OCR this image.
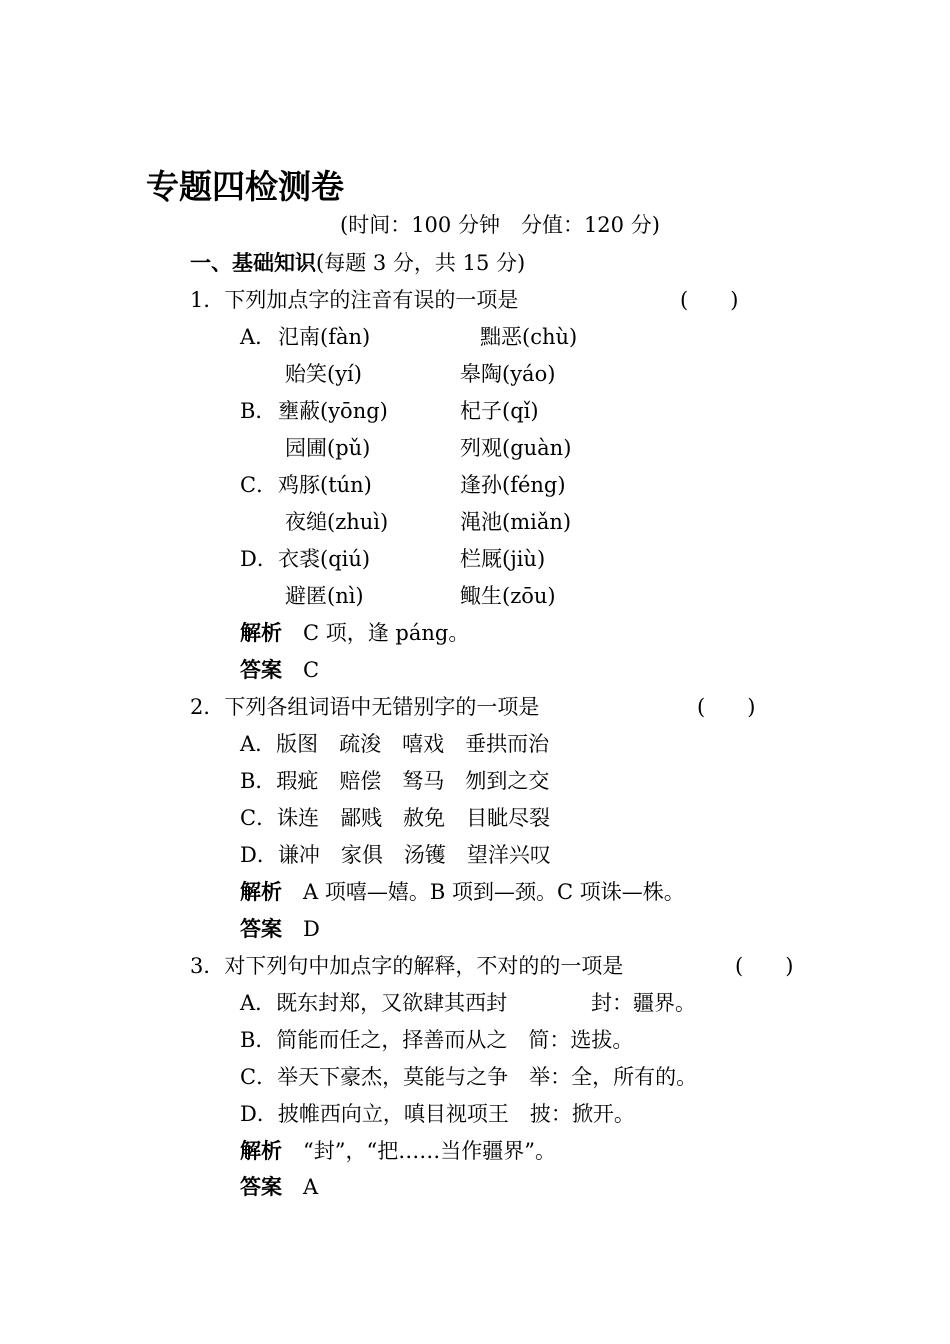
专题四检测卷

(时间：100 分钟　分值：120 分)

一、基础知识(每题 3 分，共 15 分)

1．下列加点字的注音有误的一项是	(　　)

A． 氾南(fàn)	黜恶(chù)

贻笑(yí)	皋陶(yáo)

B． 壅蔽(yōng)	杞子(qǐ)

园圃(pǔ)	列观(guàn)

C． 鸡豚(tún)	逢孙(féng)

夜缒(zhuì)	渑池(miǎn)

D． 衣裘(qiú)	栏厩(jiù)

避匿(nì)	鲰生(zōu)

解析　 C 项，逢 páng。

答案　 C

2．下列各组词语中无错别字的一项是	(　　)

A．版图　疏浚　嘻戏　垂拱而治

B．瑕疵　赔偿　驽马　刎到之交

C．诛连　鄙贱　赦免　目眦尽裂

D．谦冲　家俱　汤镬　望洋兴叹

解析　 A 项嘻—嬉。B 项到—颈。C 项诛—株。

答案　 D

3．对下列句中加点字的解释，不对的的一项是	(　　)

A．既东封郑，又欲肆其西封	封：疆界。

B．简能而任之，择善而从之　简：选拔。

C．举天下豪杰，莫能与之争　举：全，所有的。

D．披帷西向立，嗔目视项王　披：掀开。

解析　 “封”，“把……当作疆界”。

答案　 A
